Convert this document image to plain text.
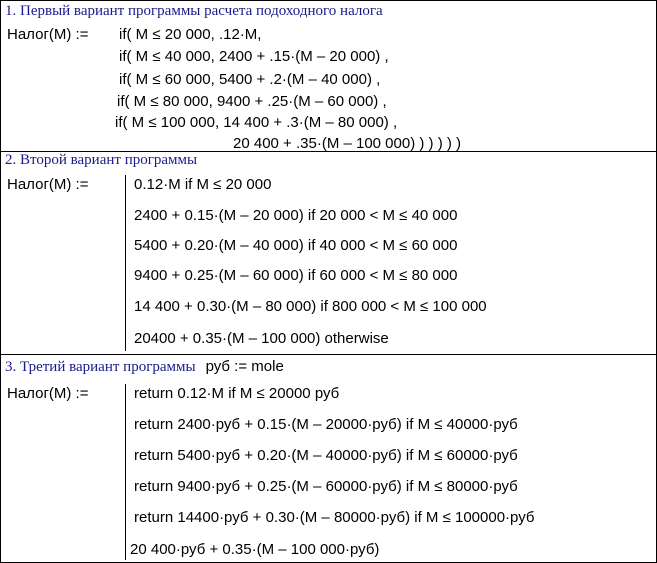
1. Первый вариант программы расчета подоходного налога
Налог(M) := if( M ≤ 20 000, .12·M,
if( M ≤ 40 000, 2400 + .15·(M – 20 000) ,
if( M ≤ 60 000, 5400 + .2·(M – 40 000) ,
if( M ≤ 80 000, 9400 + .25·(M – 60 000) ,
if( M ≤ 100 000, 14 400 + .3·(M – 80 000) ,
20 400 + .35·(M – 100 000) ) ) ) ) )
2. Второй вариант программы
Налог(M) :=	0.12·M if M ≤ 20 000
2400 + 0.15·(M – 20 000) if 20 000 < M ≤ 40 000
5400 + 0.20·(M – 40 000) if 40 000 < M ≤ 60 000
9400 + 0.25·(M – 60 000) if 60 000 < M ≤ 80 000
14 400 + 0.30·(M – 80 000) if 800 000 < M ≤ 100 000
20400 + 0.35·(M – 100 000) otherwise
3. Третий вариант программы руб := mole
Налог(M) :=	return 0.12·M if M ≤ 20000 руб
return 2400·руб + 0.15·(M – 20000·руб) if M ≤ 40000·руб
return 5400·руб + 0.20·(M – 40000·руб) if M ≤ 60000·руб
return 9400·руб + 0.25·(M – 60000·руб) if M ≤ 80000·руб
return 14400·руб + 0.30·(M – 80000·руб) if M ≤ 100000·руб
20 400·руб + 0.35·(M – 100 000·руб)
